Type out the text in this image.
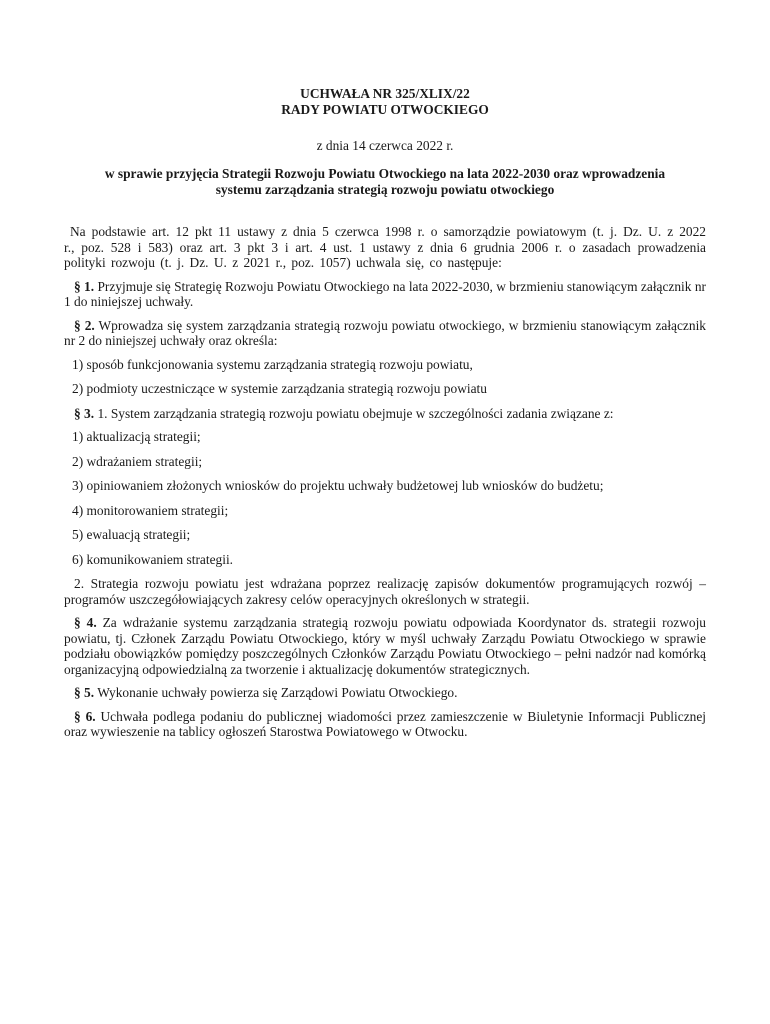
UCHWAŁA NR 325/XLIX/22
RADY POWIATU OTWOCKIEGO
z dnia 14 czerwca 2022 r.
w sprawie przyjęcia Strategii Rozwoju Powiatu Otwockiego na lata 2022-2030 oraz wprowadzenia
systemu zarządzania strategią rozwoju powiatu otwockiego

Na podstawie art. 12 pkt 11 ustawy z dnia 5 czerwca 1998 r. o samorządzie powiatowym (t. j. Dz. U. z 2022 r., poz. 528 i 583) oraz art. 3 pkt 3 i art. 4 ust. 1 ustawy z dnia 6 grudnia 2006 r. o zasadach prowadzenia polityki rozwoju (t. j. Dz. U. z 2021 r., poz. 1057) uchwala się, co następuje:

§ 1. Przyjmuje się Strategię Rozwoju Powiatu Otwockiego na lata 2022-2030, w brzmieniu stanowiącym załącznik nr 1 do niniejszej uchwały.

§ 2. Wprowadza się system zarządzania strategią rozwoju powiatu otwockiego, w brzmieniu stanowiącym załącznik nr 2 do niniejszej uchwały oraz określa:

1) sposób funkcjonowania systemu zarządzania strategią rozwoju powiatu,

2) podmioty uczestniczące w systemie zarządzania strategią rozwoju powiatu

§ 3. 1. System zarządzania strategią rozwoju powiatu obejmuje w szczególności zadania związane z:

1) aktualizacją strategii;

2) wdrażaniem strategii;

3) opiniowaniem złożonych wniosków do projektu uchwały budżetowej lub wniosków do budżetu;

4) monitorowaniem strategii;

5) ewaluacją strategii;

6) komunikowaniem strategii.

2. Strategia rozwoju powiatu jest wdrażana poprzez realizację zapisów dokumentów programujących rozwój – programów uszczegółowiających zakresy celów operacyjnych określonych w strategii.

§ 4. Za wdrażanie systemu zarządzania strategią rozwoju powiatu odpowiada Koordynator ds. strategii rozwoju powiatu, tj. Członek Zarządu Powiatu Otwockiego, który w myśl uchwały Zarządu Powiatu Otwockiego w sprawie podziału obowiązków pomiędzy poszczególnych Członków Zarządu Powiatu Otwockiego – pełni nadzór nad komórką organizacyjną odpowiedzialną za tworzenie i aktualizację dokumentów strategicznych.

§ 5. Wykonanie uchwały powierza się Zarządowi Powiatu Otwockiego.

§ 6. Uchwała podlega podaniu do publicznej wiadomości przez zamieszczenie w Biuletynie Informacji Publicznej oraz wywieszenie na tablicy ogłoszeń Starostwa Powiatowego w Otwocku.
